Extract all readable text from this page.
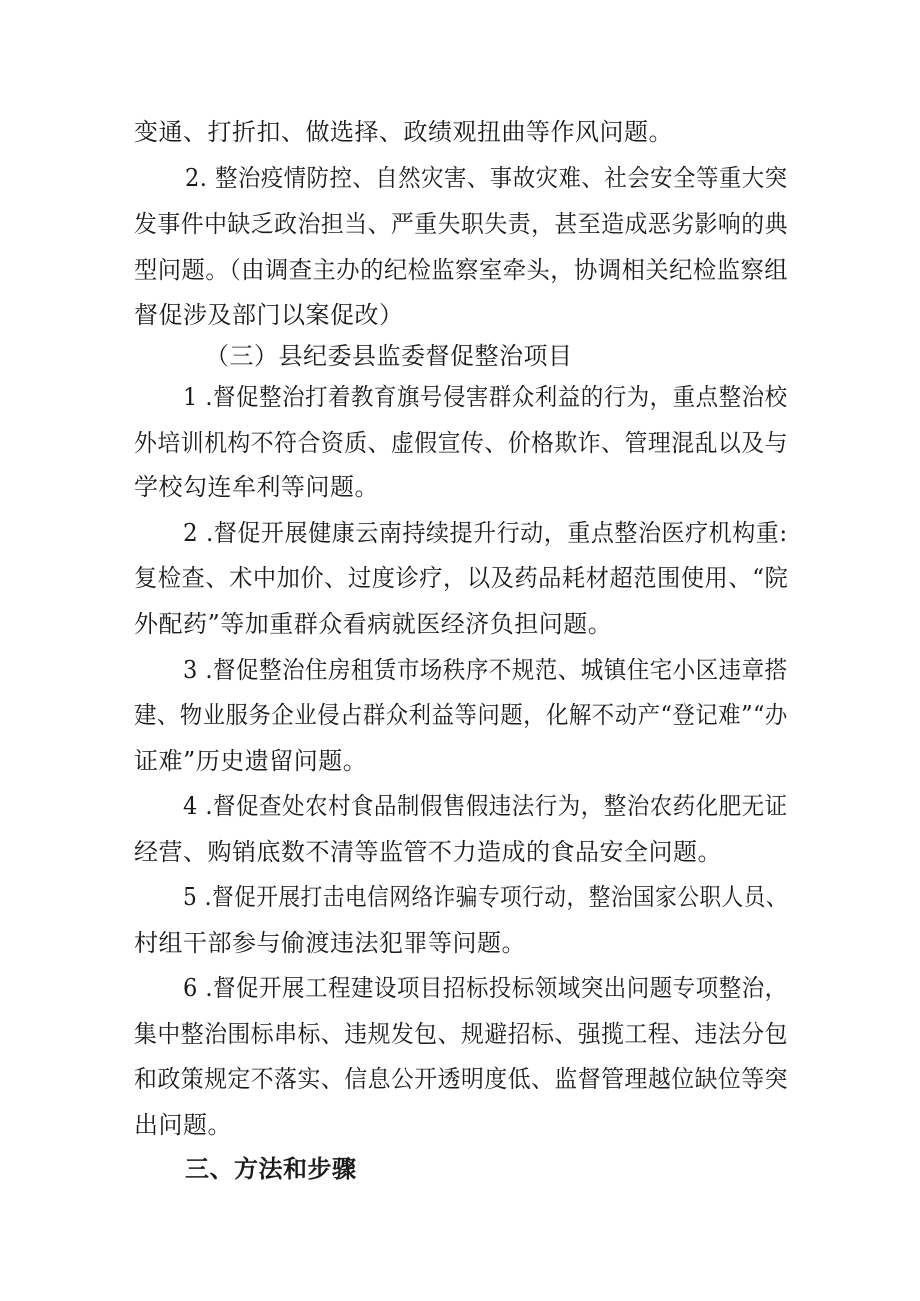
变通、打折扣、做选择、政绩观扭曲等作风问题。
2. 整治疫情防控、自然灾害、事故灾难、社会安全等重大突
发事件中缺乏政治担当、严重失职失责，甚至造成恶劣影响的典
型问题。（由调查主办的纪检监察室牵头，协调相关纪检监察组
督促涉及部门以案促改）
（三）县纪委县监委督促整治项目
1 .督促整治打着教育旗号侵害群众利益的行为，重点整治校
外培训机构不符合资质、虚假宣传、价格欺诈、管理混乱以及与
学校勾连牟利等问题。
2 .督促开展健康云南持续提升行动，重点整治医疗机构重:
复检查、术中加价、过度诊疗，以及药品耗材超范围使用、“院
外配药”等加重群众看病就医经济负担问题。
3 .督促整治住房租赁市场秩序不规范、城镇住宅小区违章搭
建、物业服务企业侵占群众利益等问题，化解不动产“登记难”“办
证难”历史遗留问题。
4 .督促查处农村食品制假售假违法行为，整治农药化肥无证
经营、购销底数不清等监管不力造成的食品安全问题。
5 .督促开展打击电信网络诈骗专项行动，整治国家公职人员、
村组干部参与偷渡违法犯罪等问题。
6 .督促开展工程建设项目招标投标领域突出问题专项整治，
集中整治围标串标、违规发包、规避招标、强揽工程、违法分包
和政策规定不落实、信息公开透明度低、监督管理越位缺位等突
出问题。
三、方法和步骤
